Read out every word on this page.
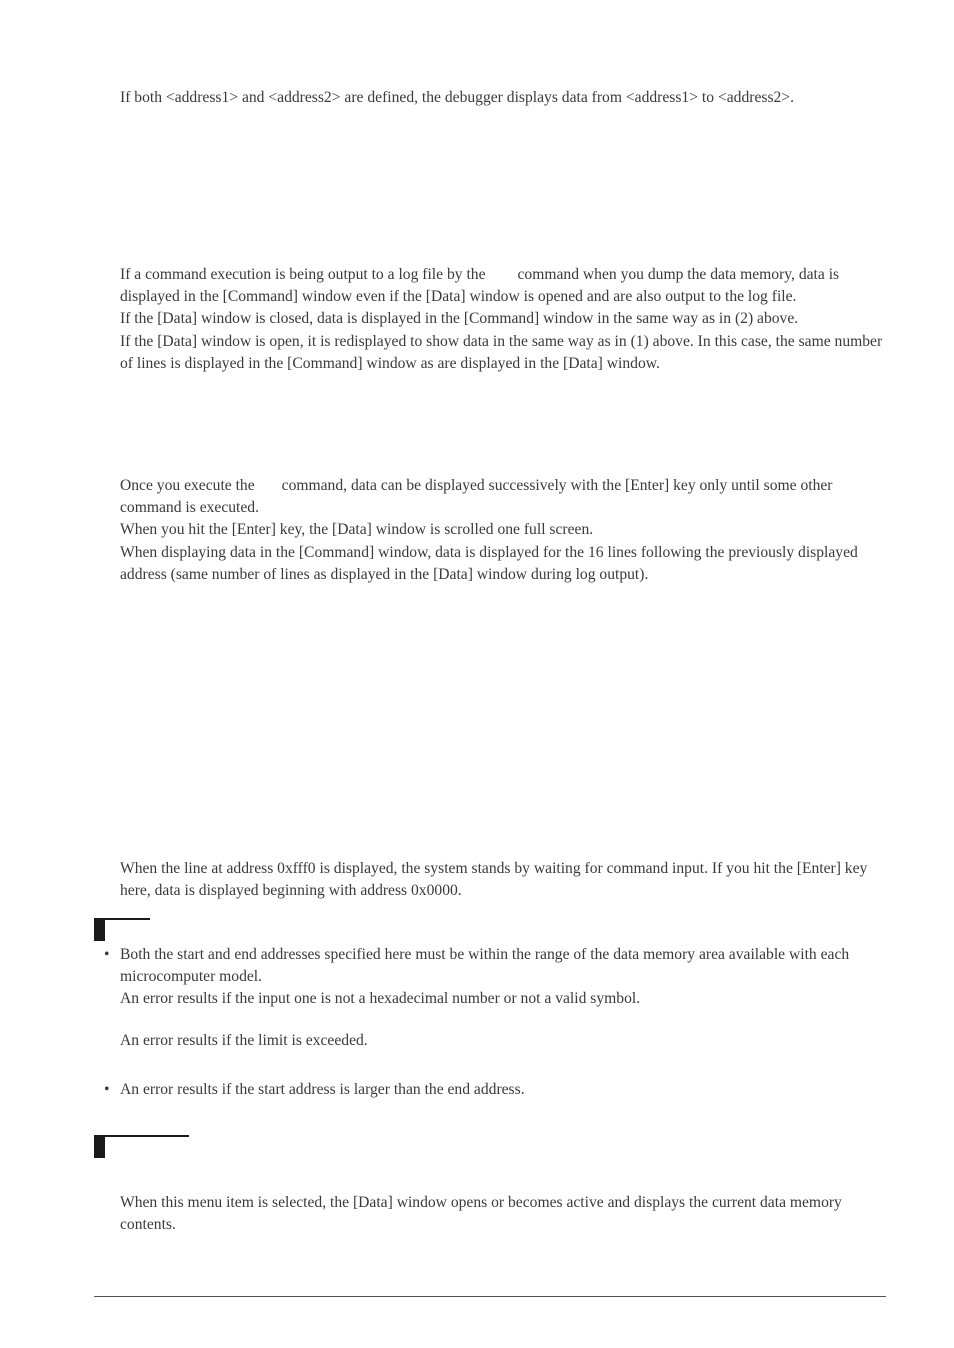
If both <address1> and <address2> are defined, the debugger displays data from <address1> to <address2>.

If a command execution is being output to a log file by the command when you dump the data memory, data is displayed in the [Command] window even if the [Data] window is opened and are also output to the log file.

If the [Data] window is closed, data is displayed in the [Command] window in the same way as in (2) above.

If the [Data] window is open, it is redisplayed to show data in the same way as in (1) above. In this case, the same number of lines is displayed in the [Command] window as are displayed in the [Data] window.

Once you execute the command, data can be displayed successively with the [Enter] key only until some other command is executed.

When you hit the [Enter] key, the [Data] window is scrolled one full screen.

When displaying data in the [Command] window, data is displayed for the 16 lines following the previously displayed address (same number of lines as displayed in the [Data] window during log output).

When the line at address 0xfff0 is displayed, the system stands by waiting for command input. If you hit the [Enter] key here, data is displayed beginning with address 0x0000.

• Both the start and end addresses specified here must be within the range of the data memory area available with each microcomputer model.

An error results if the input one is not a hexadecimal number or not a valid symbol.

An error results if the limit is exceeded.

• An error results if the start address is larger than the end address.

When this menu item is selected, the [Data] window opens or becomes active and displays the current data memory contents.
